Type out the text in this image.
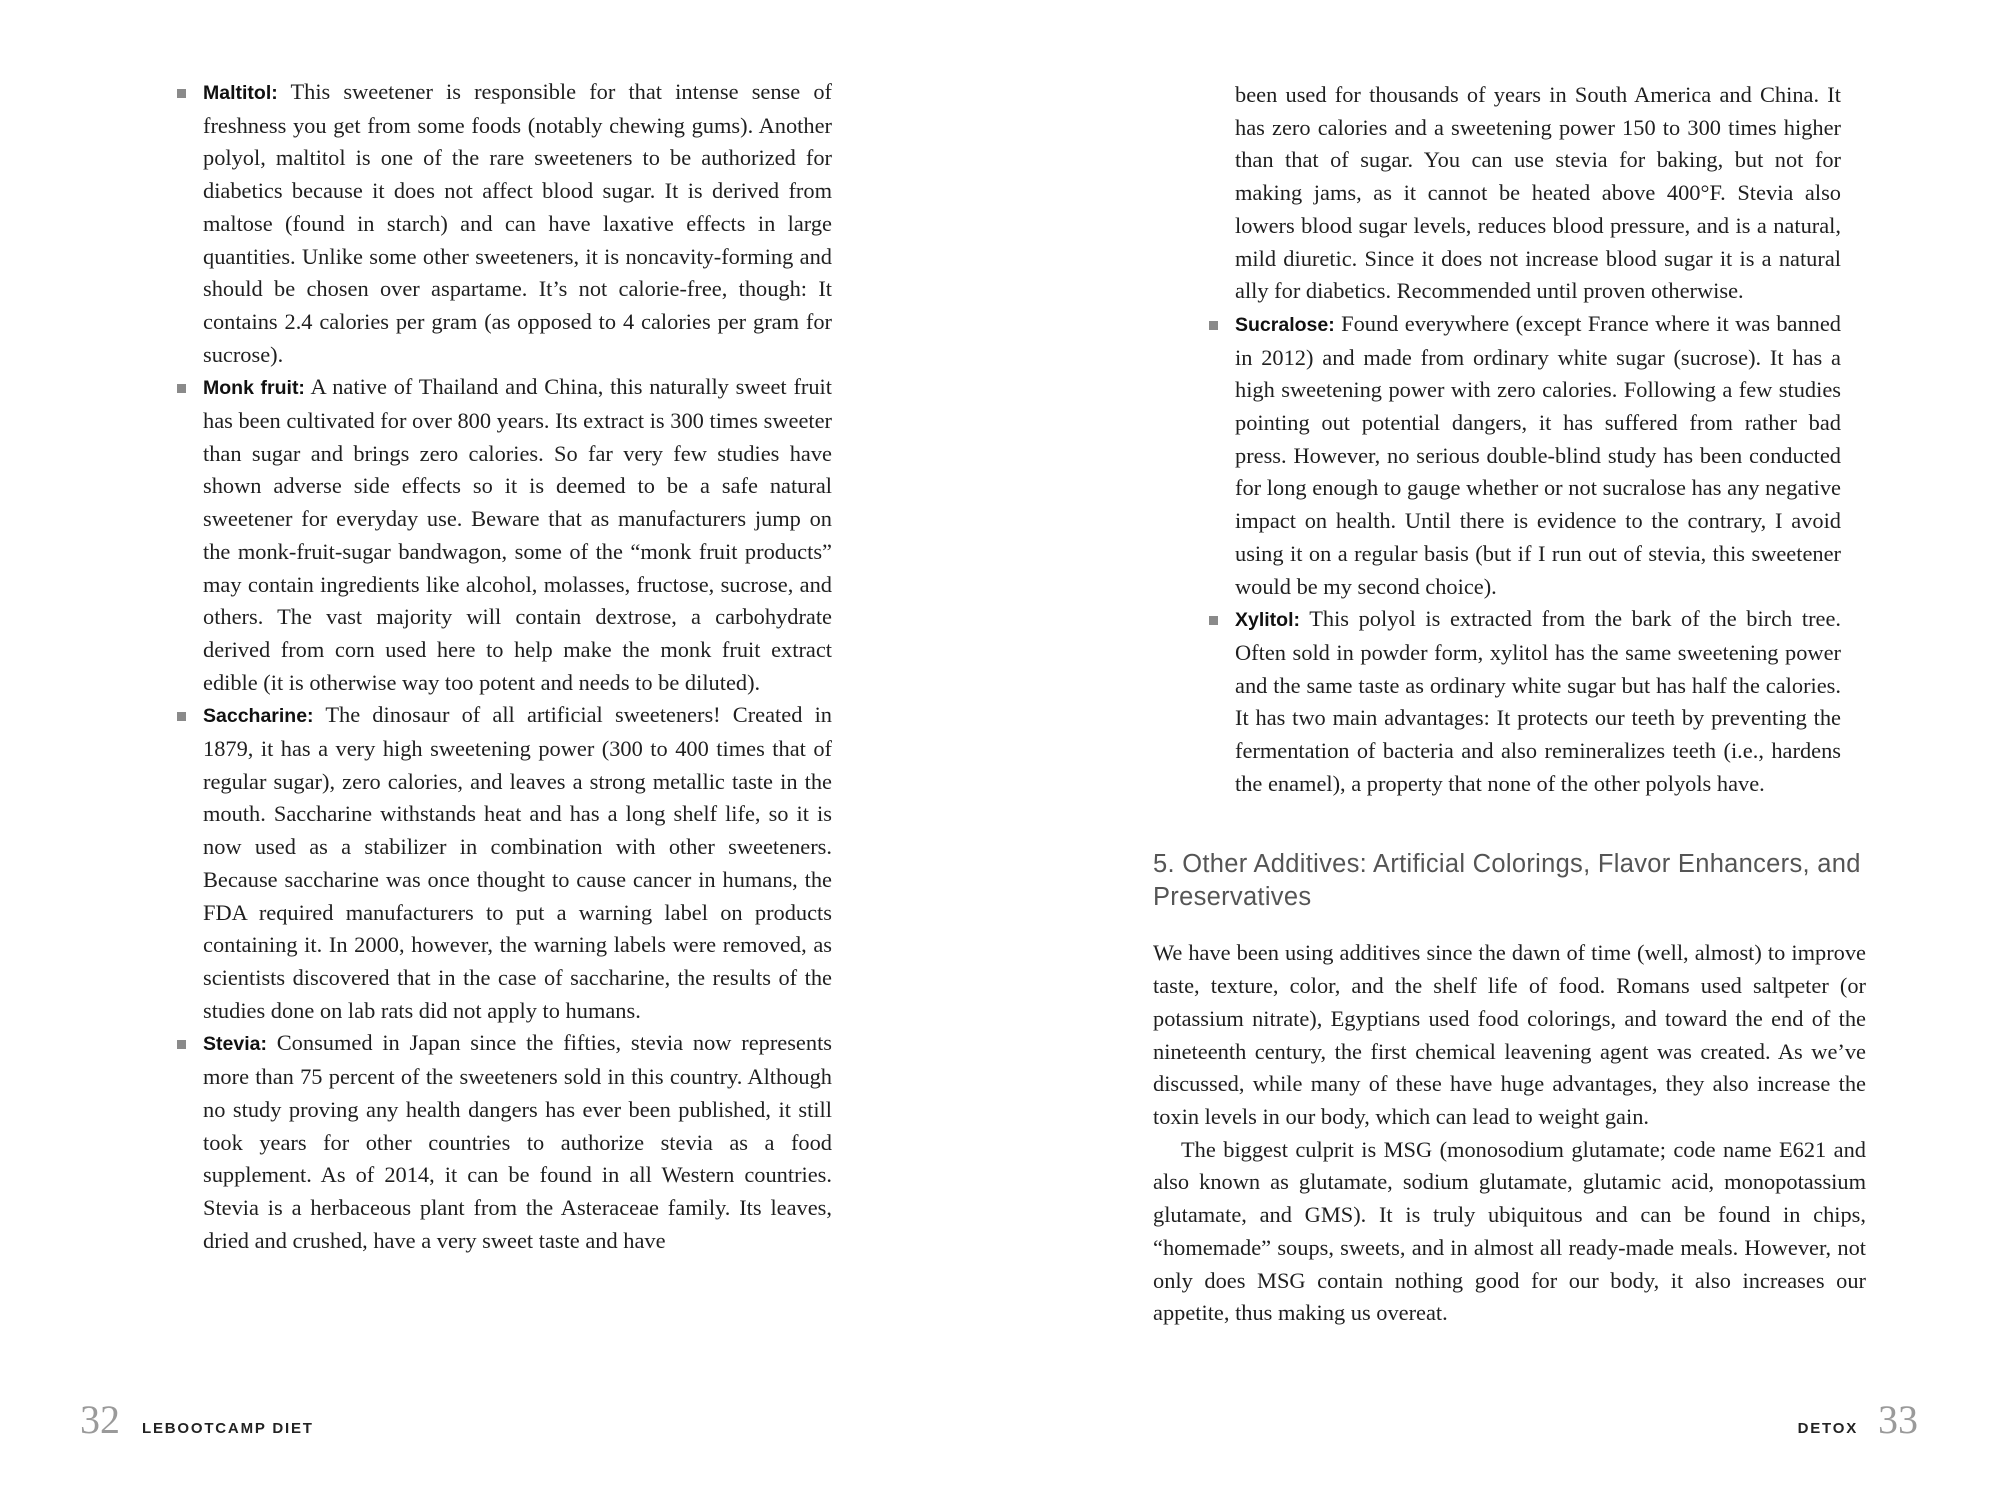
Maltitol: This sweetener is responsible for that intense sense of freshness you get from some foods (notably chewing gums). Another polyol, maltitol is one of the rare sweeteners to be authorized for diabetics because it does not affect blood sugar. It is derived from maltose (found in starch) and can have laxative effects in large quantities. Unlike some other sweeteners, it is noncavity-forming and should be chosen over aspartame. It’s not calorie-free, though: It contains 2.4 calories per gram (as opposed to 4 calories per gram for sucrose).
Monk fruit: A native of Thailand and China, this naturally sweet fruit has been cultivated for over 800 years. Its extract is 300 times sweeter than sugar and brings zero calories. So far very few studies have shown adverse side effects so it is deemed to be a safe natural sweetener for everyday use. Beware that as manufacturers jump on the monk-fruit-sugar bandwagon, some of the “monk fruit products” may contain ingredients like alcohol, molasses, fructose, sucrose, and others. The vast majority will contain dextrose, a carbohydrate derived from corn used here to help make the monk fruit extract edible (it is otherwise way too potent and needs to be diluted).
Saccharine: The dinosaur of all artificial sweeteners! Created in 1879, it has a very high sweetening power (300 to 400 times that of regular sugar), zero calories, and leaves a strong metallic taste in the mouth. Saccharine withstands heat and has a long shelf life, so it is now used as a stabilizer in combination with other sweeteners. Because saccharine was once thought to cause cancer in humans, the FDA required manufacturers to put a warning label on products containing it. In 2000, however, the warning labels were removed, as scientists discovered that in the case of saccharine, the results of the studies done on lab rats did not apply to humans.
Stevia: Consumed in Japan since the fifties, stevia now represents more than 75 percent of the sweeteners sold in this country. Although no study proving any health dangers has ever been published, it still took years for other countries to authorize stevia as a food supplement. As of 2014, it can be found in all Western countries. Stevia is a herbaceous plant from the Asteraceae family. Its leaves, dried and crushed, have a very sweet taste and have
32 LEBOOTCAMP DIET

been used for thousands of years in South America and China. It has zero calories and a sweetening power 150 to 300 times higher than that of sugar. You can use stevia for baking, but not for making jams, as it cannot be heated above 400°F. Stevia also lowers blood sugar levels, reduces blood pressure, and is a natural, mild diuretic. Since it does not increase blood sugar it is a natural ally for diabetics. Recommended until proven otherwise.

Sucralose: Found everywhere (except France where it was banned in 2012) and made from ordinary white sugar (sucrose). It has a high sweetening power with zero calories. Following a few studies pointing out potential dangers, it has suffered from rather bad press. However, no serious double-blind study has been conducted for long enough to gauge whether or not sucralose has any negative impact on health. Until there is evidence to the contrary, I avoid using it on a regular basis (but if I run out of stevia, this sweetener would be my second choice).
Xylitol: This polyol is extracted from the bark of the birch tree. Often sold in powder form, xylitol has the same sweetening power and the same taste as ordinary white sugar but has half the calories. It has two main advantages: It protects our teeth by preventing the fermentation of bacteria and also remineralizes teeth (i.e., hardens the enamel), a property that none of the other polyols have.
5. Other Additives: Artificial Colorings, Flavor Enhancers, and Preservatives

We have been using additives since the dawn of time (well, almost) to improve taste, texture, color, and the shelf life of food. Romans used saltpeter (or potassium nitrate), Egyptians used food colorings, and toward the end of the nineteenth century, the first chemical leavening agent was created. As we’ve discussed, while many of these have huge advantages, they also increase the toxin levels in our body, which can lead to weight gain.

The biggest culprit is MSG (monosodium glutamate; code name E621 and also known as glutamate, sodium glutamate, glutamic acid, monopotassium glutamate, and GMS). It is truly ubiquitous and can be found in chips, “homemade” soups, sweets, and in almost all ready-made meals. However, not only does MSG contain nothing good for our body, it also increases our appetite, thus making us overeat.

DETOX 33
